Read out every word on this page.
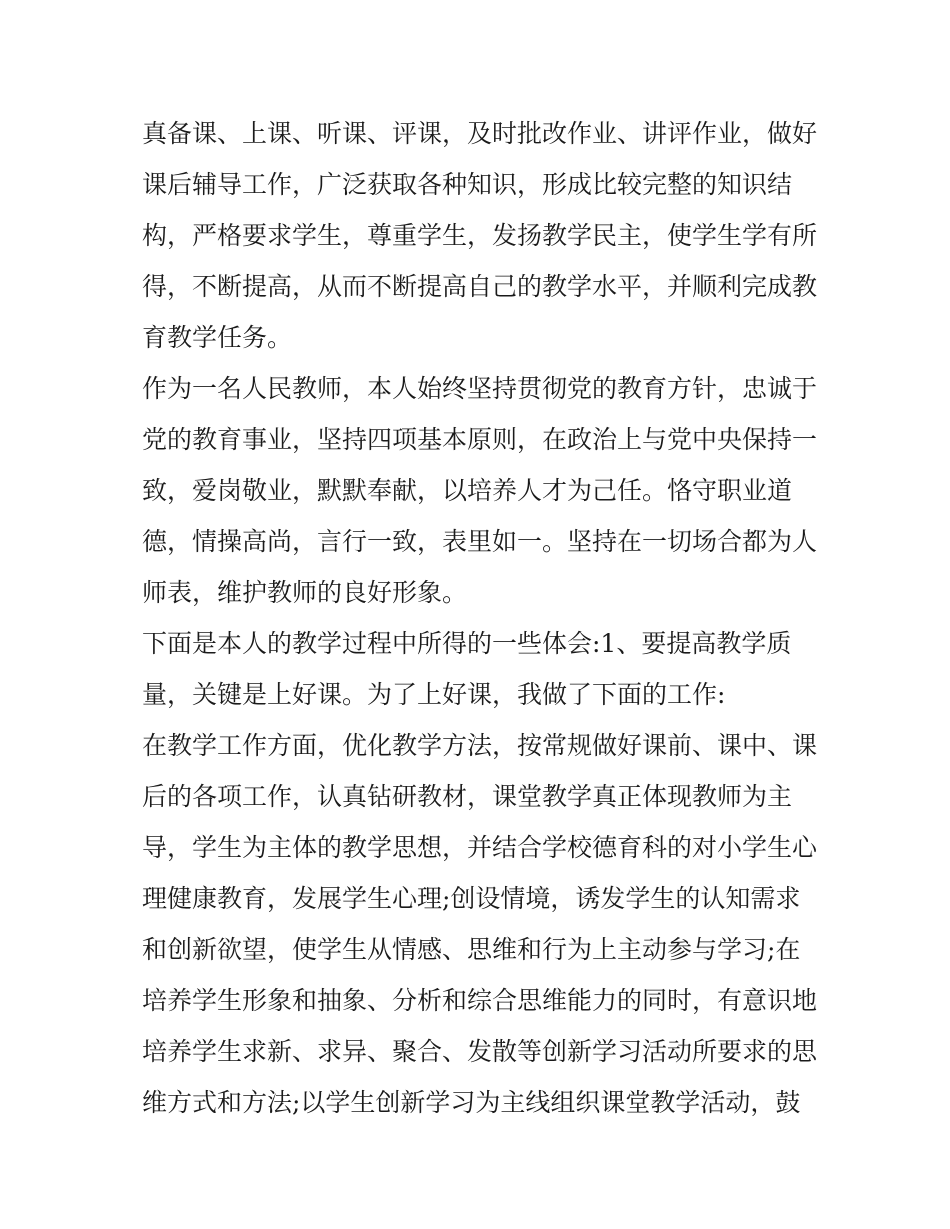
真备课、上课、听课、评课，及时批改作业、讲评作业，做好
课后辅导工作，广泛获取各种知识，形成比较完整的知识结
构，严格要求学生，尊重学生，发扬教学民主，使学生学有所
得，不断提高，从而不断提高自己的教学水平，并顺利完成教
育教学任务。
作为一名人民教师，本人始终坚持贯彻党的教育方针，忠诚于
党的教育事业，坚持四项基本原则，在政治上与党中央保持一
致，爱岗敬业，默默奉献，以培养人才为己任。恪守职业道
德，情操高尚，言行一致，表里如一。坚持在一切场合都为人
师表，维护教师的良好形象。
下面是本人的教学过程中所得的一些体会:1、要提高教学质
量，关键是上好课。为了上好课，我做了下面的工作:
在教学工作方面，优化教学方法，按常规做好课前、课中、课
后的各项工作，认真钻研教材，课堂教学真正体现教师为主
导，学生为主体的教学思想，并结合学校德育科的对小学生心
理健康教育，发展学生心理;创设情境，诱发学生的认知需求
和创新欲望，使学生从情感、思维和行为上主动参与学习;在
培养学生形象和抽象、分析和综合思维能力的同时，有意识地
培养学生求新、求异、聚合、发散等创新学习活动所要求的思
维方式和方法;以学生创新学习为主线组织课堂教学活动，鼓
